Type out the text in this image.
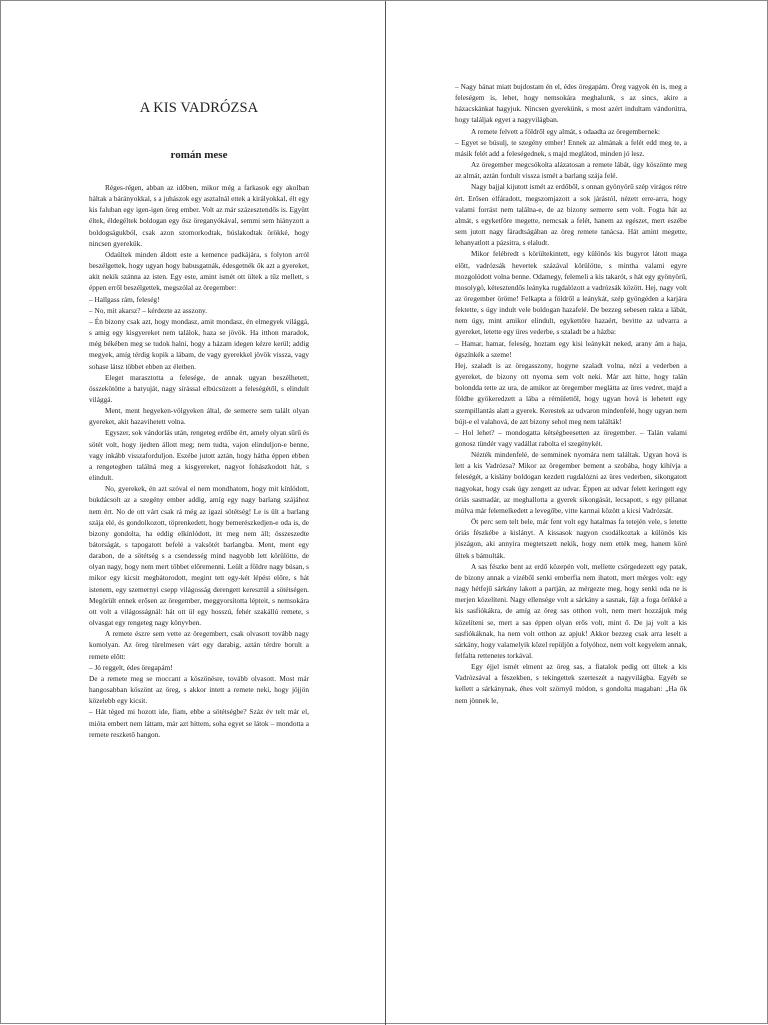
A KIS VADRÓZSA
román mese

Réges-régen, abban az időben, mikor még a farkasok egy akolban háltak a bárányokkal, s a juhászok egy asztalnál ettek a királyokkal, élt egy kis faluban egy igen-igen öreg ember. Volt az már százesztendős is. Együtt éltek, éldegéltek boldogan egy ősz öreganyókával, semmi sem hiányzott a boldogságukból, csak azon szomorkodtak, búslakodtak örökké, hogy nincsen gyerekük.

Odaültek minden áldott este a kemence padkájára, s folyton arról beszélgettek, hogy ugyan hogy babusgatnák, édesgetnék ők azt a gyereket, akit nekik szánna az isten. Egy este, amint ismét ott ültek a tűz mellett, s éppen erről beszélgettek, megszólal az öregember:

– Hallgass rám, feleség!

– No, mit akarsz? – kérdezte az asszony.

– Én bizony csak azt, hogy mondasz, amit mondasz, én elmegyek világgá, s amig egy kisgyereket nem találok, haza se jövök. Ha itthon maradok, még békében meg se tudok halni, hogy a házam idegen kézre kerül; addig megyek, amíg térdig kopik a lábam, de vagy gyerekkel jövök vissza, vagy sohase látsz többet ebben az életben.

Eleget marasztotta a felesége, de annak ugyan beszélhetett, összekötötte a batyuját, nagy sírással elbúcsúzott a feleségétől, s elindult világgá.

Ment, ment hegyeken-völgyeken által, de semerre sem talált olyan gyereket, akit hazavihetett volna.

Egyszer, sok vándorlás után, rengeteg erdőbe ért, amely olyan sűrű és sötét volt, hogy ijedten állott meg; nem tudta, vajon elinduljon-e benne, vagy inkább visszaforduljon. Eszébe jutott aztán, hogy hátha éppen ebben a rengetegben találná meg a kisgyereket, nagyot fohászkodott hát, s elindult.

No, gyerekek, én azt szóval el nem mondhatom, hogy mit kínlódott, bukdácsolt az a szegény ember addig, amíg egy nagy barlang szájához nem ért. No de ott várt csak rá még az igazi sötétség! Le is ült a barlang szája elé, és gondolkozott, töprenkedett, hogy bemerészkedjen-e oda is, de bizony gondolta, ha eddig elkínlódott, itt meg nem áll; összeszedte bátorságát, s tapogatott befelé a vaksötét barlangba. Ment, ment egy darabon, de a sötétség s a csendesség mind nagyobb lett körülötte, de olyan nagy, hogy nem mert többet előremenni. Leült a földre nagy búsan, s mikor egy kicsit megbátorodott, megint tett egy-két lépést előre, s hát istenem, egy szemernyi csepp világosság derengett keresztül a sötétségen. Megörült ennek erősen az öregember, meggyorsította lépteit, s nemsokára ott volt a világosságnál: hát ott ül egy hosszú, fehér szakállú remete, s olvasgat egy rengeteg nagy könyvben.

A remete észre sem vette az öregembert, csak olvasott tovább nagy komolyan. Az öreg türelmesen várt egy darabig, aztán térdre borult a remete előtt:

– Jó reggelt, édes öregapám!

De a remete meg se moccant a köszönésre, tovább olvasott. Most már hangosabban köszönt az öreg, s akkor intett a remete neki, hogy jöjjön közelebb egy kicsit.

– Hát téged mi hozott ide, fiam, ebbe a sötétségbe? Száz év telt már el, mióta embert nem láttam, már azt hittem, soha egyet se látok – mondotta a remete reszkető hangon.

– Nagy bánat miatt bujdostam én el, édes öregapám. Öreg vagyok én is, meg a feleségem is, lehet, hogy nemsokára meghalunk, s az sincs, akire a házacskánkat hagyjuk. Nincsen gyerekünk, s most azért indultam vándorútra, hogy találjak egyet a nagyvilágban.

A remete felvett a földről egy almát, s odaadta az öregembernek:

– Egyet se búsulj, te szegény ember! Ennek az almának a felét edd meg te, a másik felét add a feleségednek, s majd meglátod, minden jó lesz.

Az öregember megcsókolta alázatosan a remete lábát, úgy köszönte meg az almát, aztán fordult vissza ismét a barlang szája felé.

Nagy bajjal kijutott ismét az erdőből, s onnan gyönyörű szép virágos rétre ért. Erősen elfáradott, megszomjazott a sok járástól, nézett erre-arra, hogy valami forrást nem találna-e, de az bizony semerre sem volt. Fogta hát az almát, s egyketföre megette, nemcsak a felét, hanem az egészet, mert eszébe sem jutott nagy fáradtságában az öreg remete tanácsa. Hát amint megette, lehanyatlott a pázsitra, s elaludt.

Mikor felébredt s körültekintett, egy különös kis bugyrot látott maga előtt, vadrózsák hevertek százával körülötte, s mintha valami egyre mozgolódott volna benne. Odamegy, felemeli a kis takarót, s hát egy gyönyörű, mosolygó, kétesztendős leányka rugdalózott a vadrózsák között. Hej, nagy volt az öregember öröme! Felkapta a földről a leánykát, szép gyöngéden a karjára fektette, s úgy indult vele boldogan hazafelé. De bezzeg sebesen rakta a lábát, nem úgy, mint amikor elindult, egykettőre hazaért, bevitte az udvarra a gyereket, letette egy üres vederbe, s szaladt be a házba:

– Hamar, hamar, feleség, hoztam egy kisi leánykát neked, arany ám a haja, égszínkék a szeme!

Hej, szaladt is az öregasszony, hogyne szaladt volna, nézi a vederben a gyereket, de bizony ott nyoma sem volt neki. Már azt hitte, hogy talán bolondda tette az ura, de amikor az öregember meglátta az üres vedret, majd a földbe gyökeredzett a lába a rémülettől, hogy ugyan hová is lehetett egy szempillantás alatt a gyerek. Kerestek az udvaron mindenfelé, hogy ugyan nem bújt-e el valahová, de azt bizony sehol meg nem találták!

– Hol lehet? – mondogatta kétségbeesetten az öregember. – Talán valami gonosz tündér vagy vadállat rabolta el szegénykét.

Nézték mindenfelé, de semminek nyomára nem találtak. Ugyan hová is lett a kis Vadrózsa? Mikor az öregember bement a szobába, hogy kihívja a feleségét, a kislány boldogan kezdett rugdalózni az üres vederben, sikongatott nagyokat, hogy csak úgy zengett az udvar. Éppen az udvar felett keringett egy óriás sasmadár, az meghallotta a gyerek sikongását, lecsapott, s egy pillanat múlva már felemelkedett a levegőbe, vitte karmai között a kicsi Vadrózsát.

Öt perc sem telt bele, már fent volt egy hatalmas fa tetején vele, s letette óriás fészkébe a kislányt. A kissasok nagyon csodálkoztak a különös kis jószágon, aki annyira megtetszett nekik, hogy nem ették meg, hanem köré ültek s bámulták.

A sas fészke bent az erdő közepén volt, mellette csörgedezett egy patak, de bizony annak a vizéből senki emberfia nem ihatott, mert mérges volt: egy nagy hétfejű sárkány lakott a partján, az mérgezte meg, hogy senki oda ne is merjen közelíteni. Nagy ellensége volt a sárkány a sasnak, fájt a foga örökké a kis sasfiókákra, de amíg az öreg sas otthon volt, nem mert hozzájuk még közelíteni se, mert a sas éppen olyan erős volt, mint ő. De jaj volt a kis sasfiókáknak, ha nem volt otthon az apjuk! Akkor bezzeg csak arra leselt a sárkány, hogy valamelyik közel repüljön a folyóhoz, nem volt kegyelem annak, felfalta rettenetes torkával.

Egy éjjel ismét elment az öreg sas, a fiatalok pedig ott ültek a kis Vadrózsával a fészekben, s tekingettek szerteszét a nagyvilágba. Egyéb se kellett a sárkánynak, éhes volt szörnyű módon, s gondolta magaban: „Ha ők nem jönnek le,
